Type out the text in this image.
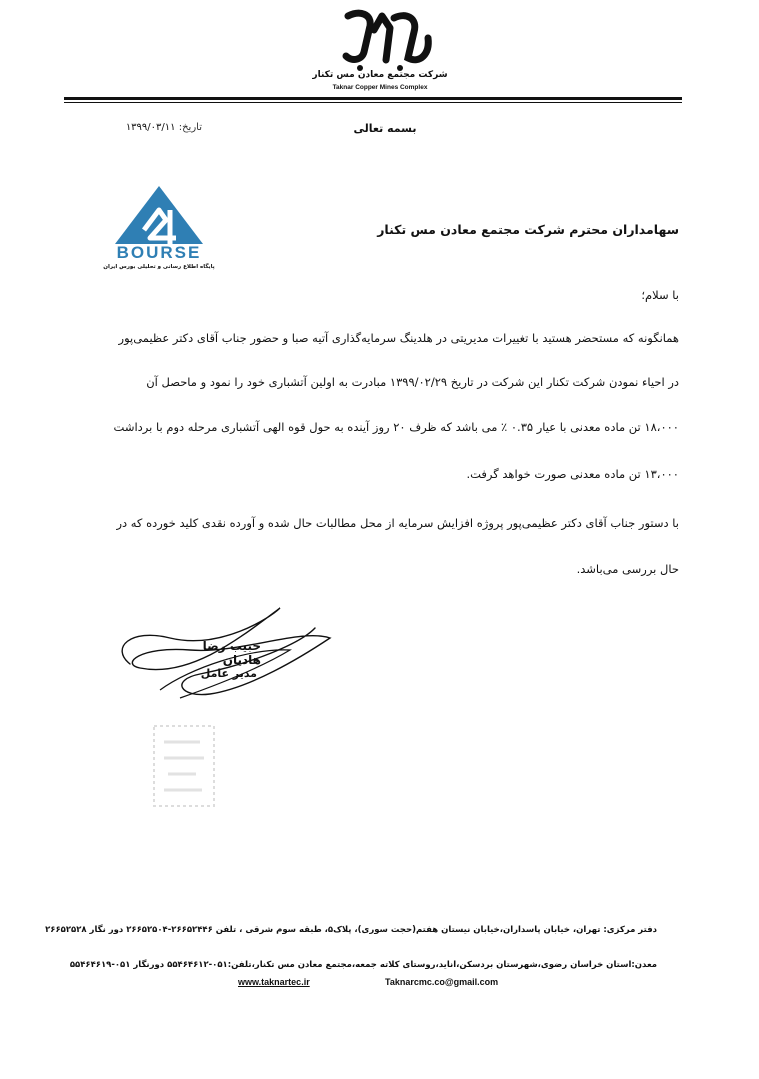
شرکت مجتمع معادن مس تکنار
Taknar Copper Mines Complex
بسمه تعالی
تاریخ: ۱۳۹۹/۰۳/۱۱
BOURSE
پایگاه اطلاع رسانی و تحلیلی بورس ایران
سهامداران محترم شرکت مجتمع معادن مس تکنار
با سلام؛
همانگونه که مستحضر هستید با تغییرات مدیریتی در هلدینگ سرمایه‌گذاری آتیه صبا و حضور جناب آقای دکتر عظیمی‌پور
در احیاء نمودن شرکت تکنار این شرکت در تاریخ ۱۳۹۹/۰۲/۲۹ مبادرت به اولین آتشباری خود را نمود و ماحصل آن
۱۸،۰۰۰ تن ماده معدنی با عیار ۰.۳۵ ٪ می باشد که ظرف ۲۰ روز آینده به حول قوه الهی آتشباری مرحله دوم با برداشت
۱۳،۰۰۰ تن ماده معدنی صورت خواهد گرفت.
با دستور جناب آقای دکتر عظیمی‌پور پروژه افزایش سرمایه از محل مطالبات حال شده و آورده نقدی کلید خورده که در
حال بررسی می‌باشد.
حبیب رضا هادیان
مدیر عامل
دفتر مرکزی: تهران، خیابان پاسداران،خیابان نیستان هفتم(حجت سوری)، پلاک۵، طبقه سوم شرقی ، تلفن ۲۶۶۵۲۴۴۶-۲۶۶۵۲۵۰۴ دور نگار ۲۶۶۵۲۵۲۸
معدن:استان خراسان رضوی،شهرستان بردسکن،اناید،روستای کلاته جمعه،مجتمع معادن مس تکنار،تلفن:۰۵۱-۵۵۴۶۴۶۱۲ دورنگار ۰۵۱-۵۵۴۶۴۶۱۹
www.taknartec.ir	Taknarcmc.co@gmail.com
